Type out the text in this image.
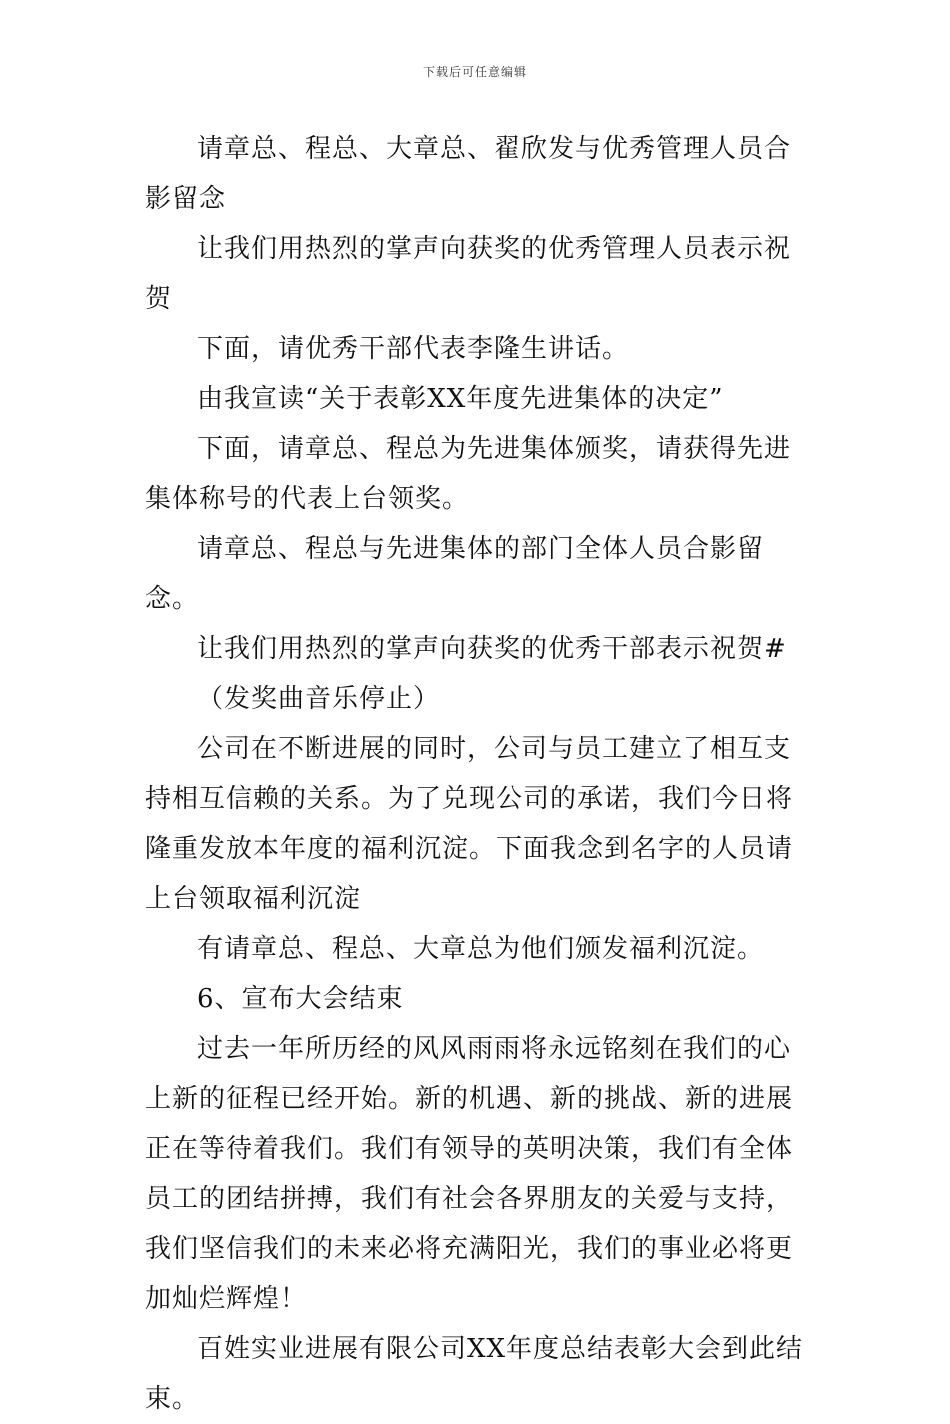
下载后可任意编辑

请章总、程总、大章总、翟欣发与优秀管理人员合影留念

让我们用热烈的掌声向获奖的优秀管理人员表示祝贺

下面，请优秀干部代表李隆生讲话。

由我宣读“关于表彰XX年度先进集体的决定”

下面，请章总、程总为先进集体颁奖，请获得先进集体称号的代表上台领奖。

请章总、程总与先进集体的部门全体人员合影留念。

让我们用热烈的掌声向获奖的优秀干部表示祝贺#

（发奖曲音乐停止）

公司在不断进展的同时，公司与员工建立了相互支持相互信赖的关系。为了兑现公司的承诺，我们今日将隆重发放本年度的福利沉淀。下面我念到名字的人员请上台领取福利沉淀

有请章总、程总、大章总为他们颁发福利沉淀。

6、宣布大会结束

过去一年所历经的风风雨雨将永远铭刻在我们的心上新的征程已经开始。新的机遇、新的挑战、新的进展正在等待着我们。我们有领导的英明决策，我们有全体员工的团结拼搏，我们有社会各界朋友的关爱与支持，我们坚信我们的未来必将充满阳光，我们的事业必将更加灿烂辉煌！

百姓实业进展有限公司XX年度总结表彰大会到此结束。
